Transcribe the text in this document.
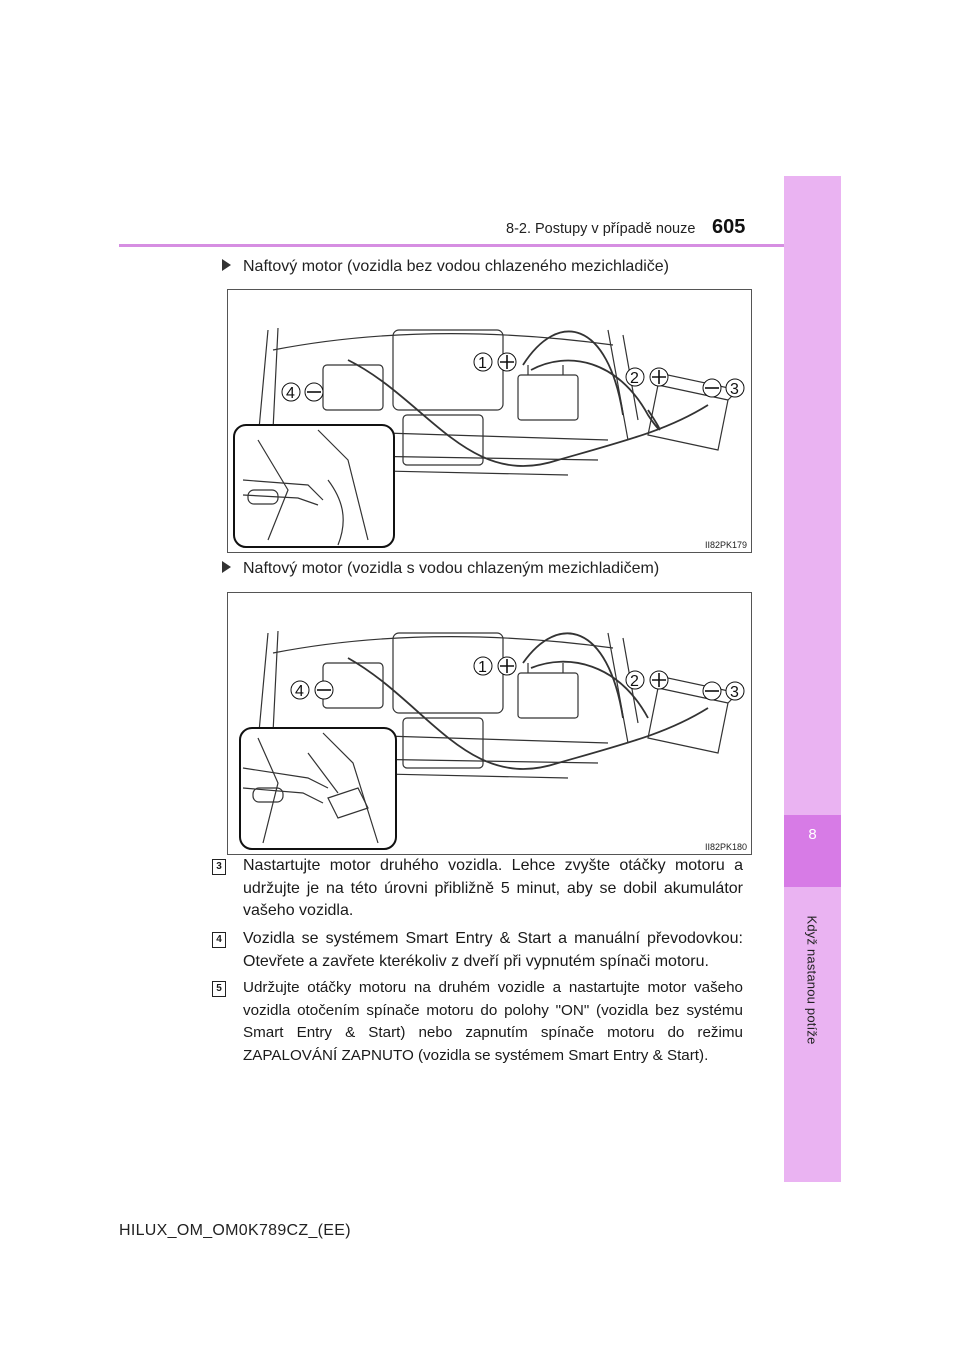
8
Když nastanou potíže
8-2. Postupy v případě nouze 605
Naftový motor (vozidla bez vodou chlazeného mezichladiče)
1
2
3
4
II82PK179
Naftový motor (vozidla s vodou chlazeným mezichladičem)
1
2
3
4
II82PK180
3 Nastartujte motor druhého vozidla. Lehce zvyšte otáčky motoru a udržujte je na této úrovni přibližně 5 minut, aby se dobil akumulátor vašeho vozidla.
4 Vozidla se systémem Smart Entry & Start a manuální převodovkou: Otevřete a zavřete kterékoliv z dveří při vypnutém spínači motoru.
5 Udržujte otáčky motoru na druhém vozidle a nastartujte motor vašeho vozidla otočením spínače motoru do polohy "ON" (vozidla bez systému Smart Entry & Start) nebo zapnutím spínače motoru do režimu ZAPALOVÁNÍ ZAPNUTO (vozidla se systémem Smart Entry & Start).
HILUX_OM_OM0K789CZ_(EE)
